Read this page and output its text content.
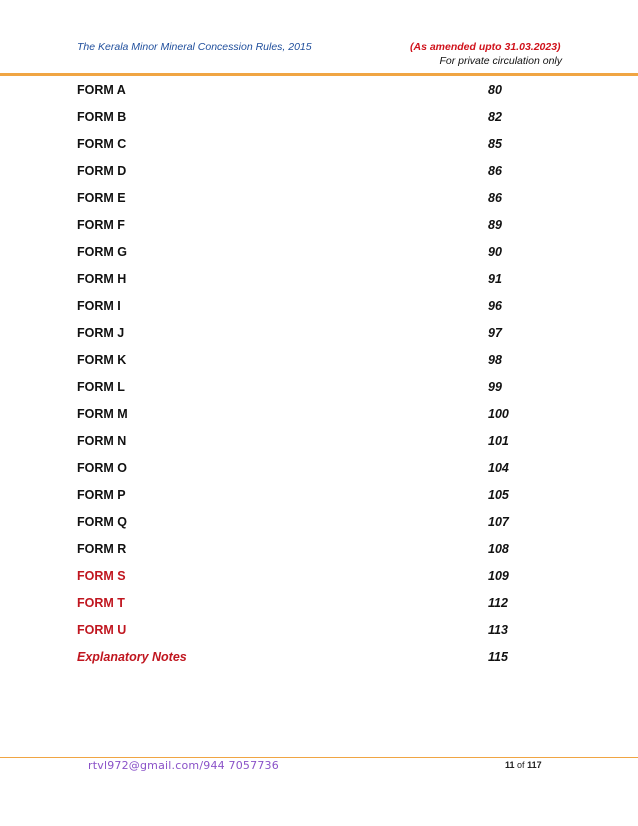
The Kerala Minor Mineral Concession Rules, 2015	(As amended upto 31.03.2023)
For private circulation only
FORM A	80
FORM B	82
FORM C	85
FORM D	86
FORM E	86
FORM F	89
FORM G	90
FORM H	91
FORM I	96
FORM J	97
FORM K	98
FORM L	99
FORM M	100
FORM N	101
FORM O	104
FORM P	105
FORM Q	107
FORM R	108
FORM S	109
FORM T	112
FORM U	113
Explanatory Notes	115
rtvl972@gmail.com/944 7057736	11 of 117
